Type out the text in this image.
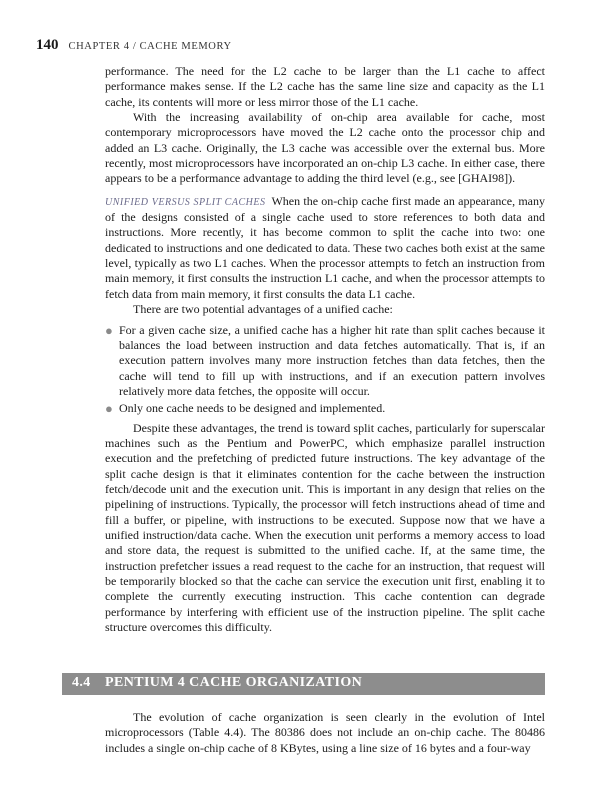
140 CHAPTER 4 / CACHE MEMORY

performance. The need for the L2 cache to be larger than the L1 cache to affect performance makes sense. If the L2 cache has the same line size and capacity as the L1 cache, its contents will more or less mirror those of the L1 cache.

With the increasing availability of on-chip area available for cache, most contemporary microprocessors have moved the L2 cache onto the processor chip and added an L3 cache. Originally, the L3 cache was accessible over the external bus. More recently, most microprocessors have incorporated an on-chip L3 cache. In either case, there appears to be a performance advantage to adding the third level (e.g., see [GHAI98]).

UNIFIED VERSUS SPLIT CACHES When the on-chip cache first made an appearance, many of the designs consisted of a single cache used to store references to both data and instructions. More recently, it has become common to split the cache into two: one dedicated to instructions and one dedicated to data. These two caches both exist at the same level, typically as two L1 caches. When the processor attempts to fetch an instruction from main memory, it first consults the instruction L1 cache, and when the processor attempts to fetch data from main memory, it first consults the data L1 cache.

There are two potential advantages of a unified cache:

● For a given cache size, a unified cache has a higher hit rate than split caches because it balances the load between instruction and data fetches automatically. That is, if an execution pattern involves many more instruction fetches than data fetches, then the cache will tend to fill up with instructions, and if an execution pattern involves relatively more data fetches, the opposite will occur.
● Only one cache needs to be designed and implemented.

Despite these advantages, the trend is toward split caches, particularly for superscalar machines such as the Pentium and PowerPC, which emphasize parallel instruction execution and the prefetching of predicted future instructions. The key advantage of the split cache design is that it eliminates contention for the cache between the instruction fetch/decode unit and the execution unit. This is important in any design that relies on the pipelining of instructions. Typically, the processor will fetch instructions ahead of time and fill a buffer, or pipeline, with instructions to be executed. Suppose now that we have a unified instruction/data cache. When the execution unit performs a memory access to load and store data, the request is submitted to the unified cache. If, at the same time, the instruction prefetcher issues a read request to the cache for an instruction, that request will be temporarily blocked so that the cache can service the execution unit first, enabling it to complete the currently executing instruction. This cache contention can degrade performance by interfering with efficient use of the instruction pipeline. The split cache structure overcomes this difficulty.

4.4 PENTIUM 4 CACHE ORGANIZATION

The evolution of cache organization is seen clearly in the evolution of Intel microprocessors (Table 4.4). The 80386 does not include an on-chip cache. The 80486 includes a single on-chip cache of 8 KBytes, using a line size of 16 bytes and a four-way
